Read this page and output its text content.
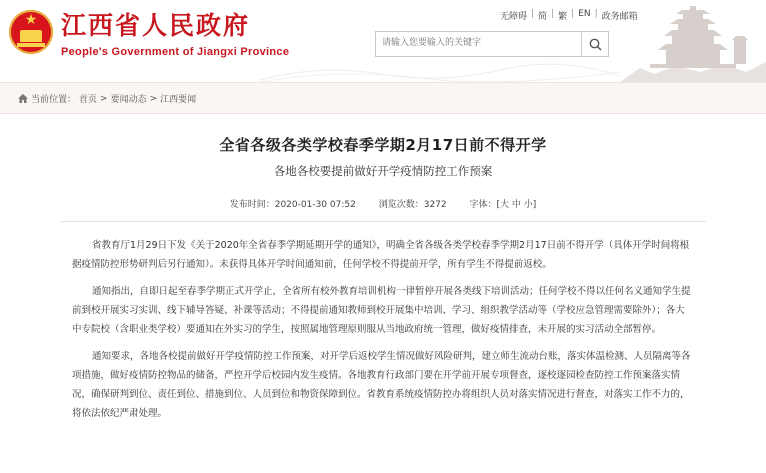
★ 江西省人民政府
People's Government of Jiangxi Province
无障碍 | 简 | 繁 | EN | 政务邮箱
请输入您要输入的关键字
当前位置： 首页 > 要闻动态 > 江西要闻
全省各级各类学校春季学期2月17日前不得开学
各地各校要提前做好开学疫情防控工作预案
发布时间：2020-01-30 07:52	浏览次数：3272	字体：[大 中 小]

省教育厅1月29日下发《关于2020年全省春季学期延期开学的通知》，明确全省各级各类学校春季学期2月17日前不得开学（具体开学时间将根据疫情防控形势研判后另行通知）。未获得具体开学时间通知前，任何学校不得提前开学，所有学生不得提前返校。

通知指出，自即日起至春季学期正式开学止，全省所有校外教育培训机构一律暂停开展各类线下培训活动；任何学校不得以任何名义通知学生提前到校开展实习实训、线下辅导答疑、补课等活动；不得提前通知教师到校开展集中培训、学习、组织教学活动等（学校应急管理需要除外）；各大中专院校（含职业类学校）要通知在外实习的学生，按照属地管理原则服从当地政府统一管理，做好疫情排查，未开展的实习活动全部暂停。

通知要求，各地各校提前做好开学疫情防控工作预案，对开学后返校学生情况做好风险研判，建立师生流动台账，落实体温检测、人员隔离等各项措施，做好疫情防控物品的储备，严控开学后校园内发生疫情。各地教育行政部门要在开学前开展专项督查，逐校逐园检查防控工作预案落实情况，确保研判到位、责任到位、措施到位、人员到位和物资保障到位。省教育系统疫情防控办将组织人员对落实情况进行督查，对落实工作不力的，将依法依纪严肃处理。
